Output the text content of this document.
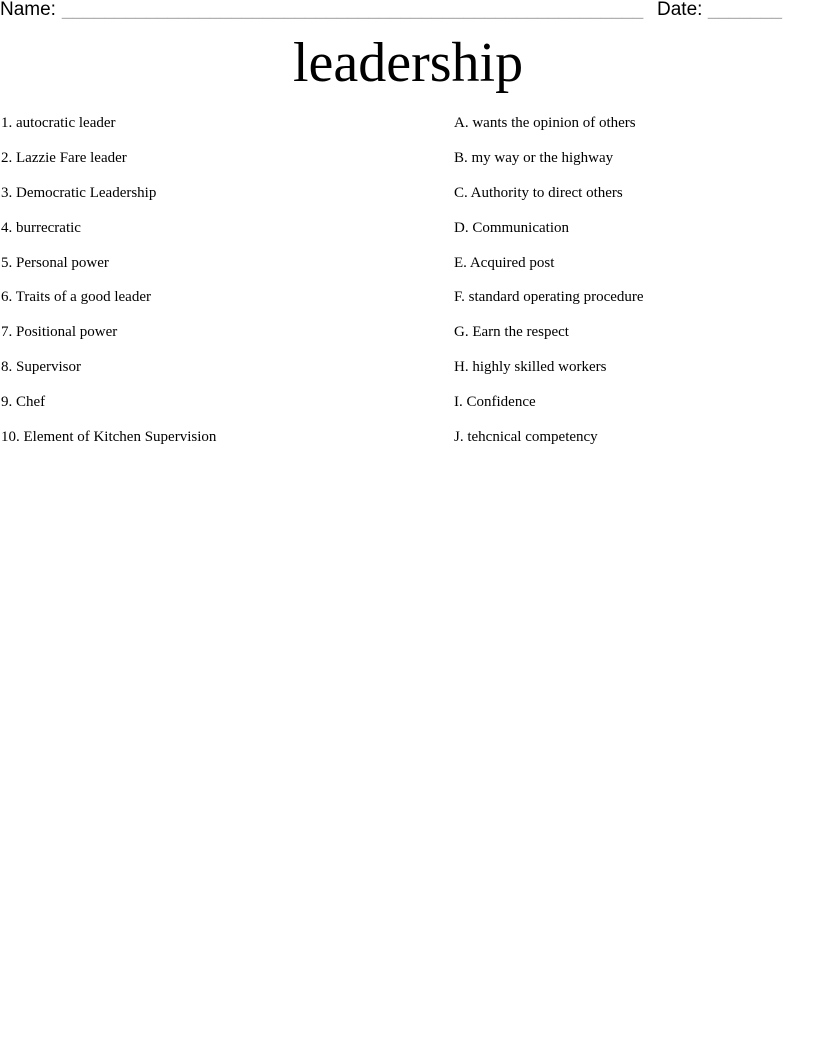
Name: _______________________________________________________ Date: _______
leadership
1. autocratic leader
2. Lazzie Fare leader
3. Democratic Leadership
4. burrecratic
5. Personal power
6. Traits of a good leader
7. Positional power
8. Supervisor
9. Chef
10. Element of Kitchen Supervision
A. wants the opinion of others
B. my way or the highway
C. Authority to direct others
D. Communication
E. Acquired post
F. standard operating procedure
G. Earn the respect
H. highly skilled workers
I. Confidence
J. tehcnical competency
